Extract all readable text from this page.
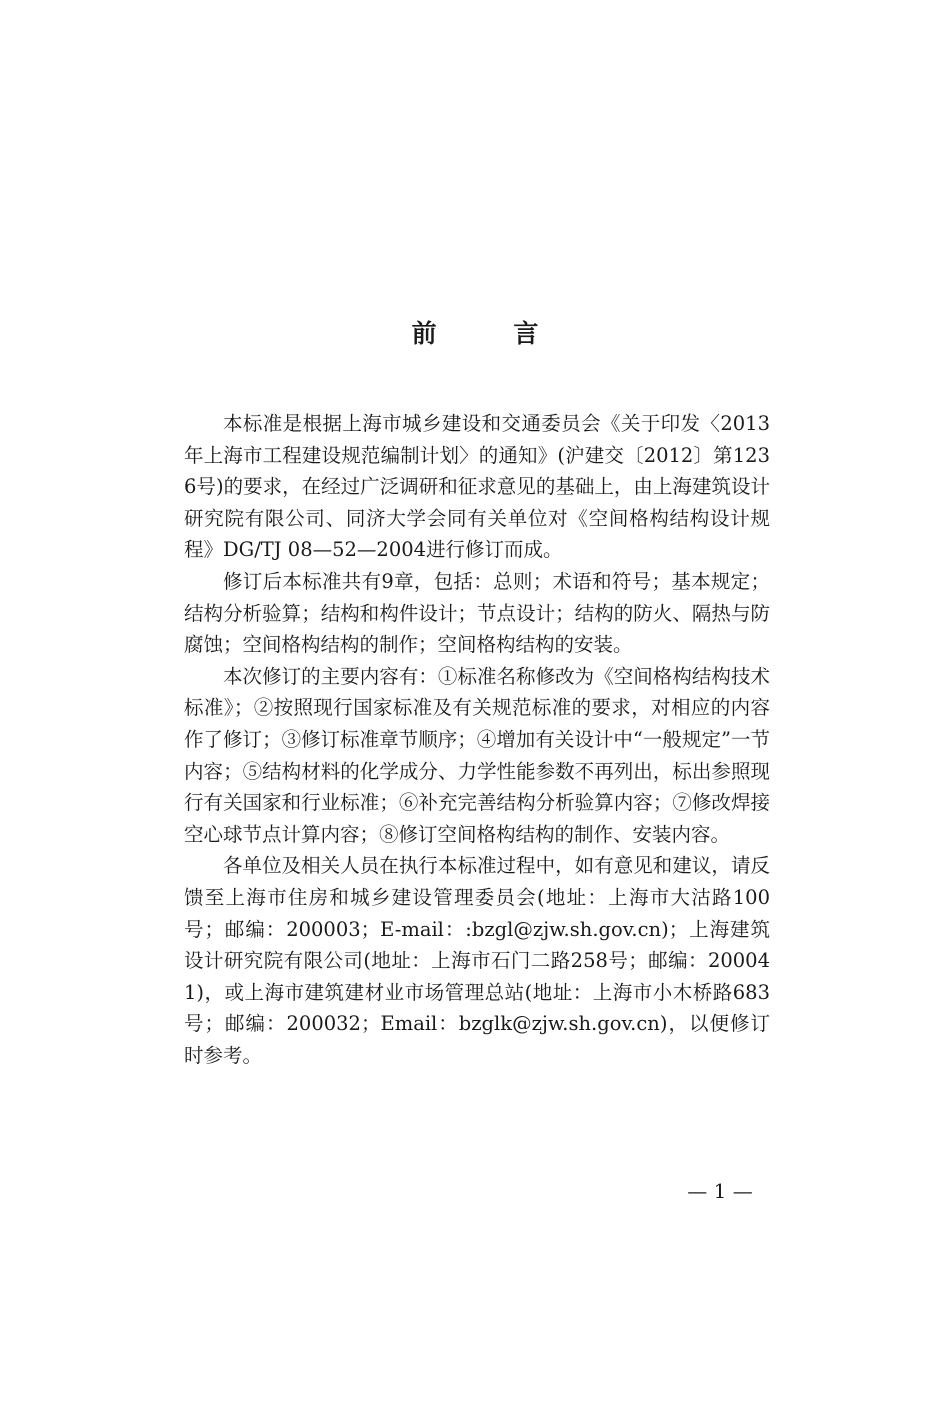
前 言

本标准是根据上海市城乡建设和交通委员会《关于印发〈2013年上海市工程建设规范编制计划〉的通知》(沪建交〔2012〕第1236号)的要求，在经过广泛调研和征求意见的基础上，由上海建筑设计研究院有限公司、同济大学会同有关单位对《空间格构结构设计规程》DG/TJ 08—52—2004进行修订而成。

修订后本标准共有9章，包括：总则；术语和符号；基本规定；结构分析验算；结构和构件设计；节点设计；结构的防火、隔热与防腐蚀；空间格构结构的制作；空间格构结构的安装。

本次修订的主要内容有：①标准名称修改为《空间格构结构技术标准》；②按照现行国家标准及有关规范标准的要求，对相应的内容作了修订；③修订标准章节顺序；④增加有关设计中“一般规定”一节内容；⑤结构材料的化学成分、力学性能参数不再列出，标出参照现行有关国家和行业标准；⑥补充完善结构分析验算内容；⑦修改焊接空心球节点计算内容；⑧修订空间格构结构的制作、安装内容。

各单位及相关人员在执行本标准过程中，如有意见和建议，请反馈至上海市住房和城乡建设管理委员会(地址：上海市大沽路100号；邮编：200003；E-mail：:bzgl@zjw.sh.gov.cn)；上海建筑设计研究院有限公司(地址：上海市石门二路258号；邮编：200041)，或上海市建筑建材业市场管理总站(地址：上海市小木桥路683号；邮编：200032；Email：bzglk@zjw.sh.gov.cn)，以便修订时参考。

— 1 —
